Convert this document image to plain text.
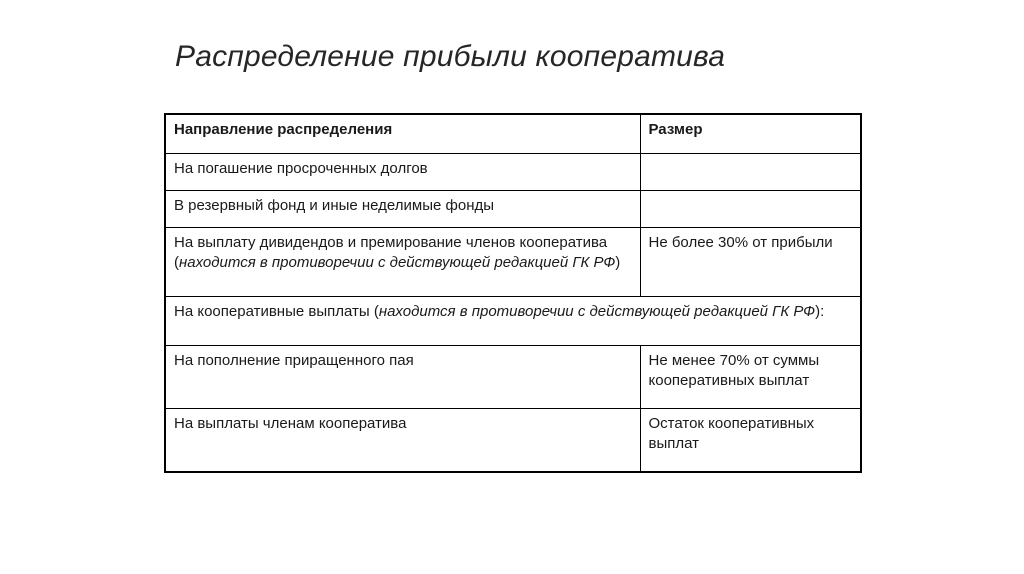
Распределение прибыли кооператива
Направление распределения	Размер
На погашение просроченных долгов	
В резервный фонд и иные неделимые фонды	
На выплату дивидендов и премирование членов кооператива (находится в противоречии с действующей редакцией ГК РФ)	Не более 30% от прибыли
На кооперативные выплаты (находится в противоречии с действующей редакцией ГК РФ):	
На пополнение приращенного пая	Не менее 70% от суммы кооперативных выплат
На выплаты членам кооператива	Остаток кооперативных выплат
